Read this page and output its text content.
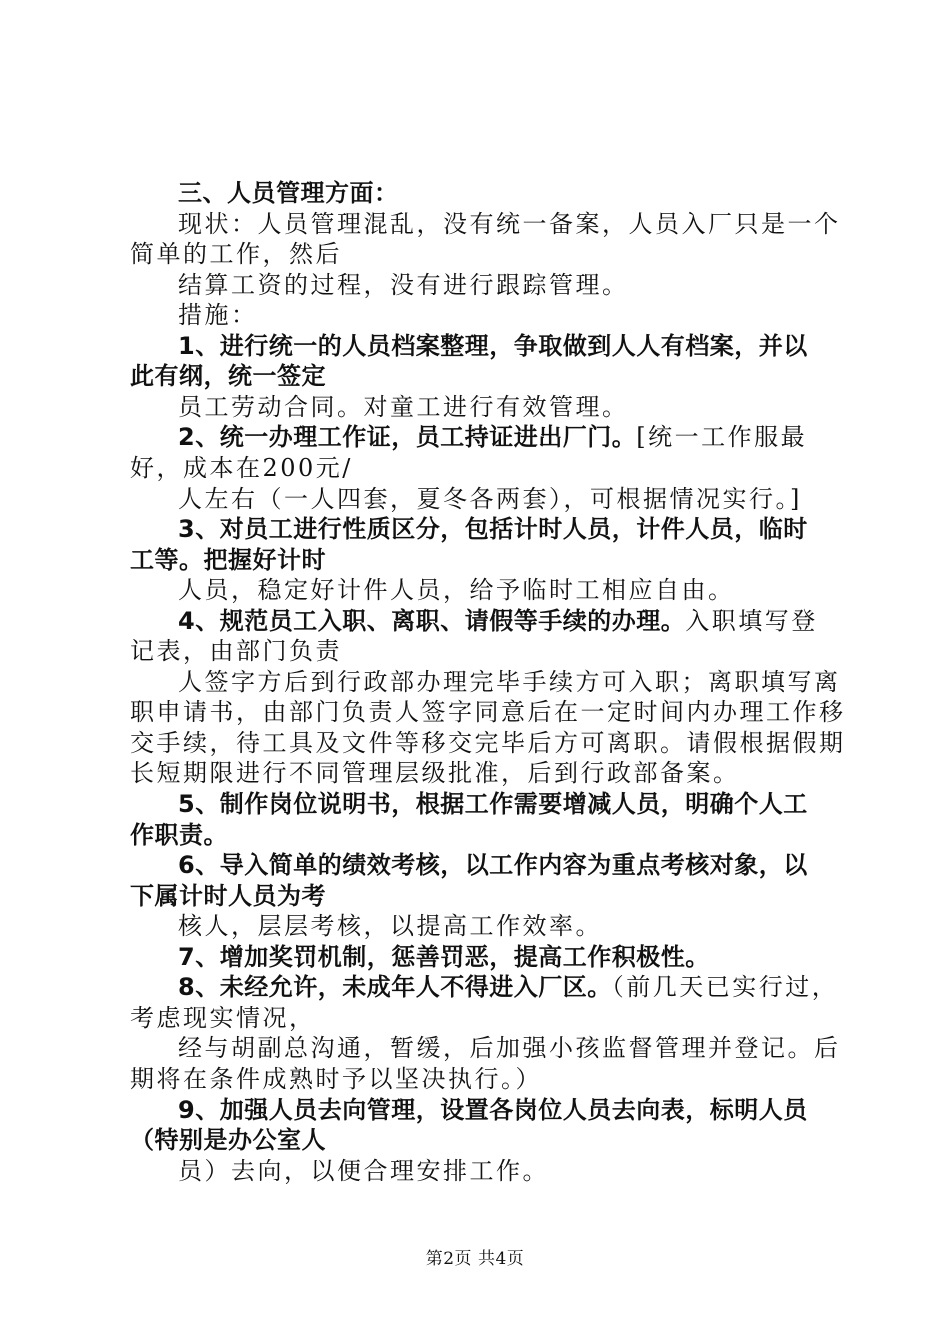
三、人员管理方面：
现状：人员管理混乱，没有统一备案，人员入厂只是一个
简单的工作，然后
结算工资的过程，没有进行跟踪管理。
措施：
1、进行统一的人员档案整理，争取做到人人有档案，并以
此有纲，统一签定
员工劳动合同。对童工进行有效管理。
2、统一办理工作证，员工持证进出厂门。[统一工作服最
好，成本在200元/
人左右（一人四套，夏冬各两套），可根据情况实行。]
3、对员工进行性质区分，包括计时人员，计件人员，临时
工等。把握好计时
人员，稳定好计件人员，给予临时工相应自由。
4、规范员工入职、离职、请假等手续的办理。入职填写登
记表，由部门负责
人签字方后到行政部办理完毕手续方可入职；离职填写离
职申请书，由部门负责人签字同意后在一定时间内办理工作移
交手续，待工具及文件等移交完毕后方可离职。请假根据假期
长短期限进行不同管理层级批准，后到行政部备案。
5、制作岗位说明书，根据工作需要增减人员，明确个人工
作职责。
6、导入简单的绩效考核，以工作内容为重点考核对象，以
下属计时人员为考
核人，层层考核，以提高工作效率。
7、增加奖罚机制，惩善罚恶，提高工作积极性。
8、未经允许，未成年人不得进入厂区。（前几天已实行过，
考虑现实情况，
经与胡副总沟通，暂缓，后加强小孩监督管理并登记。后
期将在条件成熟时予以坚决执行。）
9、加强人员去向管理，设置各岗位人员去向表，标明人员
（特别是办公室人
员）去向，以便合理安排工作。
第2页 共4页
